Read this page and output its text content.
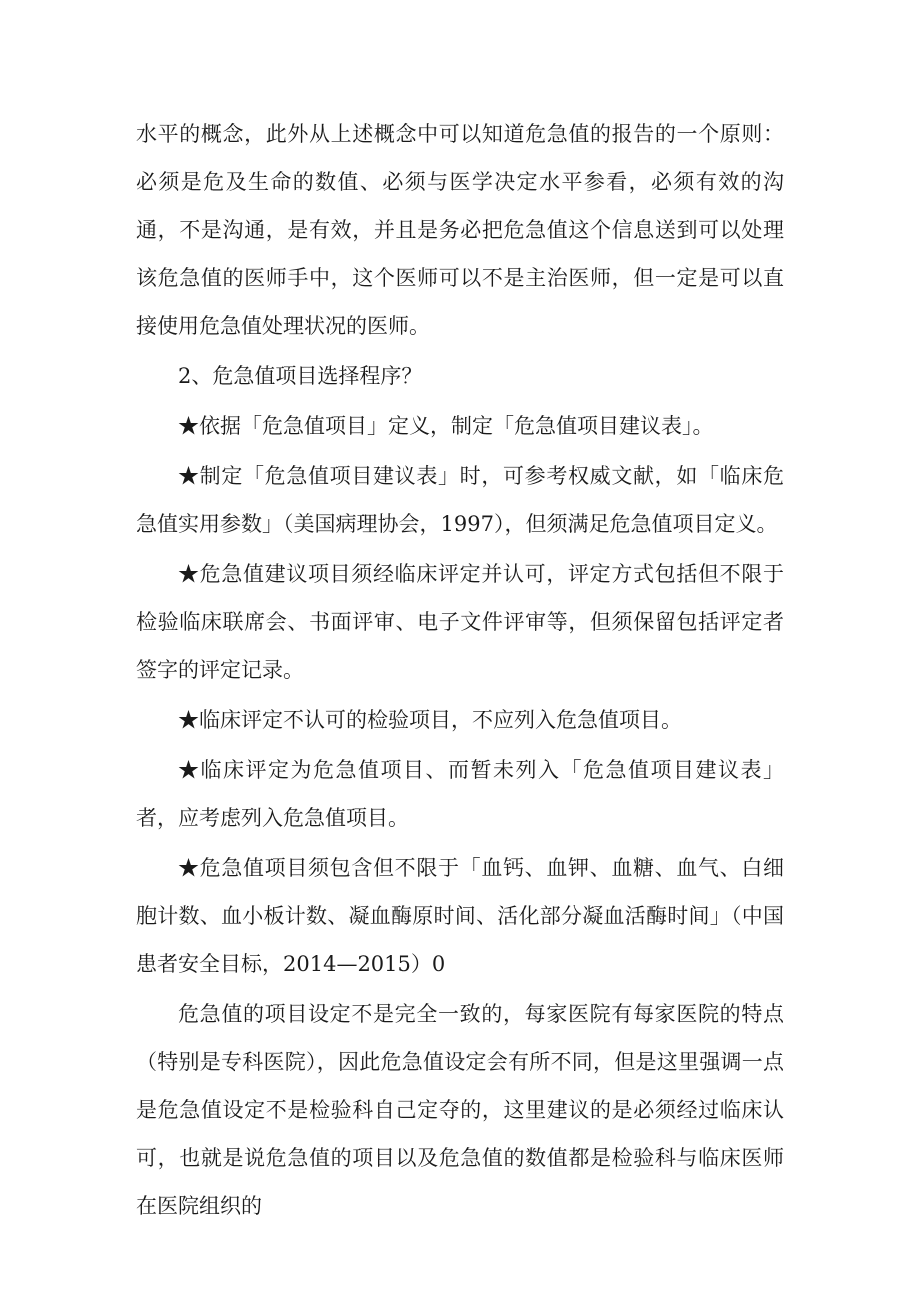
水平的概念，此外从上述概念中可以知道危急值的报告的一个原则：必须是危及生命的数值、必须与医学决定水平参看，必须有效的沟通，不是沟通，是有效，并且是务必把危急值这个信息送到可以处理该危急值的医师手中，这个医师可以不是主治医师，但一定是可以直接使用危急值处理状况的医师。

2、危急值项目选择程序？

★依据「危急值项目」定义，制定「危急值项目建议表」。

★制定「危急值项目建议表」时，可参考权威文献，如「临床危急值实用参数」（美国病理协会，1997），但须满足危急值项目定义。

★危急值建议项目须经临床评定并认可，评定方式包括但不限于检验临床联席会、书面评审、电子文件评审等，但须保留包括评定者签字的评定记录。

★临床评定不认可的检验项目，不应列入危急值项目。

★临床评定为危急值项目、而暂未列入「危急值项目建议表」者，应考虑列入危急值项目。

★危急值项目须包含但不限于「血钙、血钾、血糖、血气、白细胞计数、血小板计数、凝血酶原时间、活化部分凝血活酶时间」（中国患者安全目标，2014—2015）0

危急值的项目设定不是完全一致的，每家医院有每家医院的特点（特别是专科医院），因此危急值设定会有所不同，但是这里强调一点是危急值设定不是检验科自己定夺的，这里建议的是必须经过临床认可，也就是说危急值的项目以及危急值的数值都是检验科与临床医师在医院组织的
